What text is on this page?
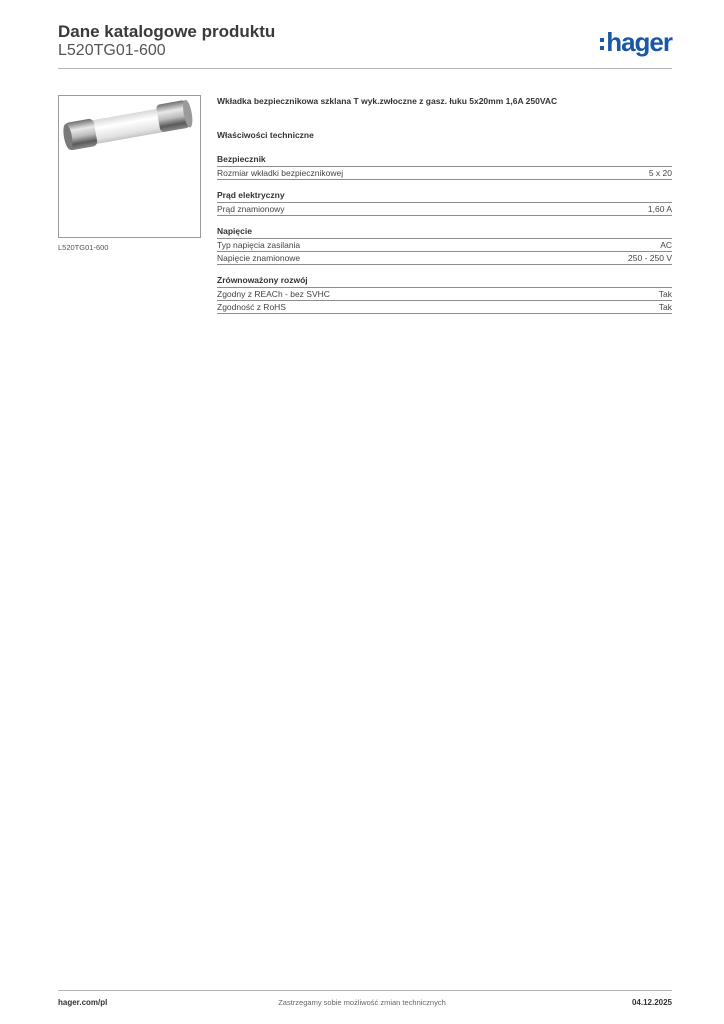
Dane katalogowe produktu
L520TG01-600	hager
L520TG01-600
Wkładka bezpiecznikowa szklana T wyk.zwłoczne z gasz. łuku 5x20mm 1,6A 250VAC
Właściwości techniczne
Bezpiecznik
Rozmiar wkładki bezpiecznikowej	5 x 20
Prąd elektryczny
Prąd znamionowy	1,60 A
Napięcie
Typ napięcia zasilania	AC
Napięcie znamionowe	250 - 250 V
Zrównoważony rozwój
Zgodny z REACh - bez SVHC	Tak
Zgodność z RoHS	Tak
hager.com/pl	Zastrzegamy sobie możliwość zmian technicznych	04.12.2025
